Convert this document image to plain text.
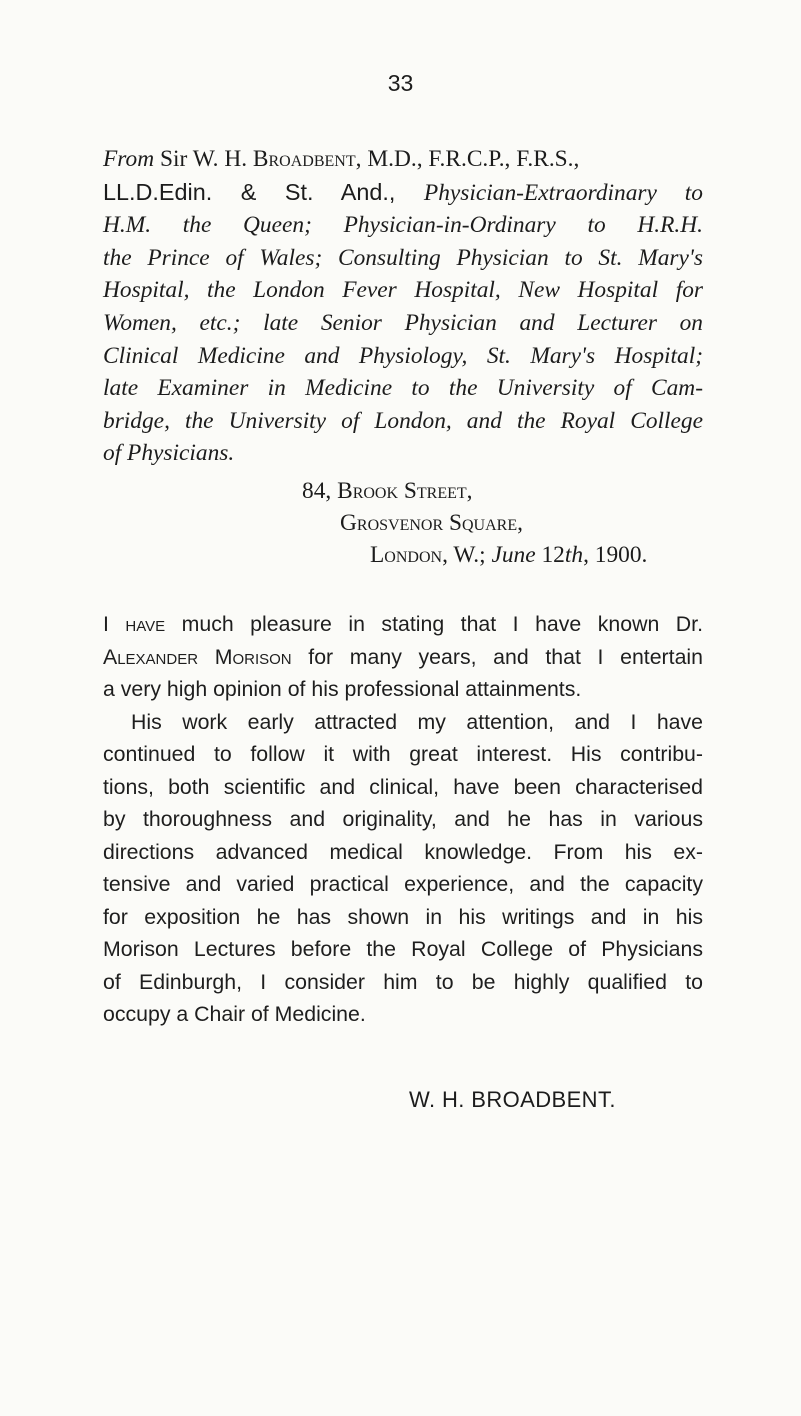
33
From Sir W. H. Broadbent, M.D., F.R.C.P., F.R.S.,
LL.D.Edin. & St. And., Physician-Extraordinary to
H.M. the Queen; Physician-in-Ordinary to H.R.H.
the Prince of Wales; Consulting Physician to St. Mary's
Hospital, the London Fever Hospital, New Hospital for
Women, etc.; late Senior Physician and Lecturer on
Clinical Medicine and Physiology, St. Mary's Hospital;
late Examiner in Medicine to the University of Cam-
bridge, the University of London, and the Royal College
of Physicians.
84, Brook Street,
Grosvenor Square,
London, W.; June 12th, 1900.
I have much pleasure in stating that I have known Dr.
Alexander Morison for many years, and that I entertain
a very high opinion of his professional attainments.
His work early attracted my attention, and I have
continued to follow it with great interest. His contribu-
tions, both scientific and clinical, have been characterised
by thoroughness and originality, and he has in various
directions advanced medical knowledge. From his ex-
tensive and varied practical experience, and the capacity
for exposition he has shown in his writings and in his
Morison Lectures before the Royal College of Physicians
of Edinburgh, I consider him to be highly qualified to
occupy a Chair of Medicine.
W. H. BROADBENT.
